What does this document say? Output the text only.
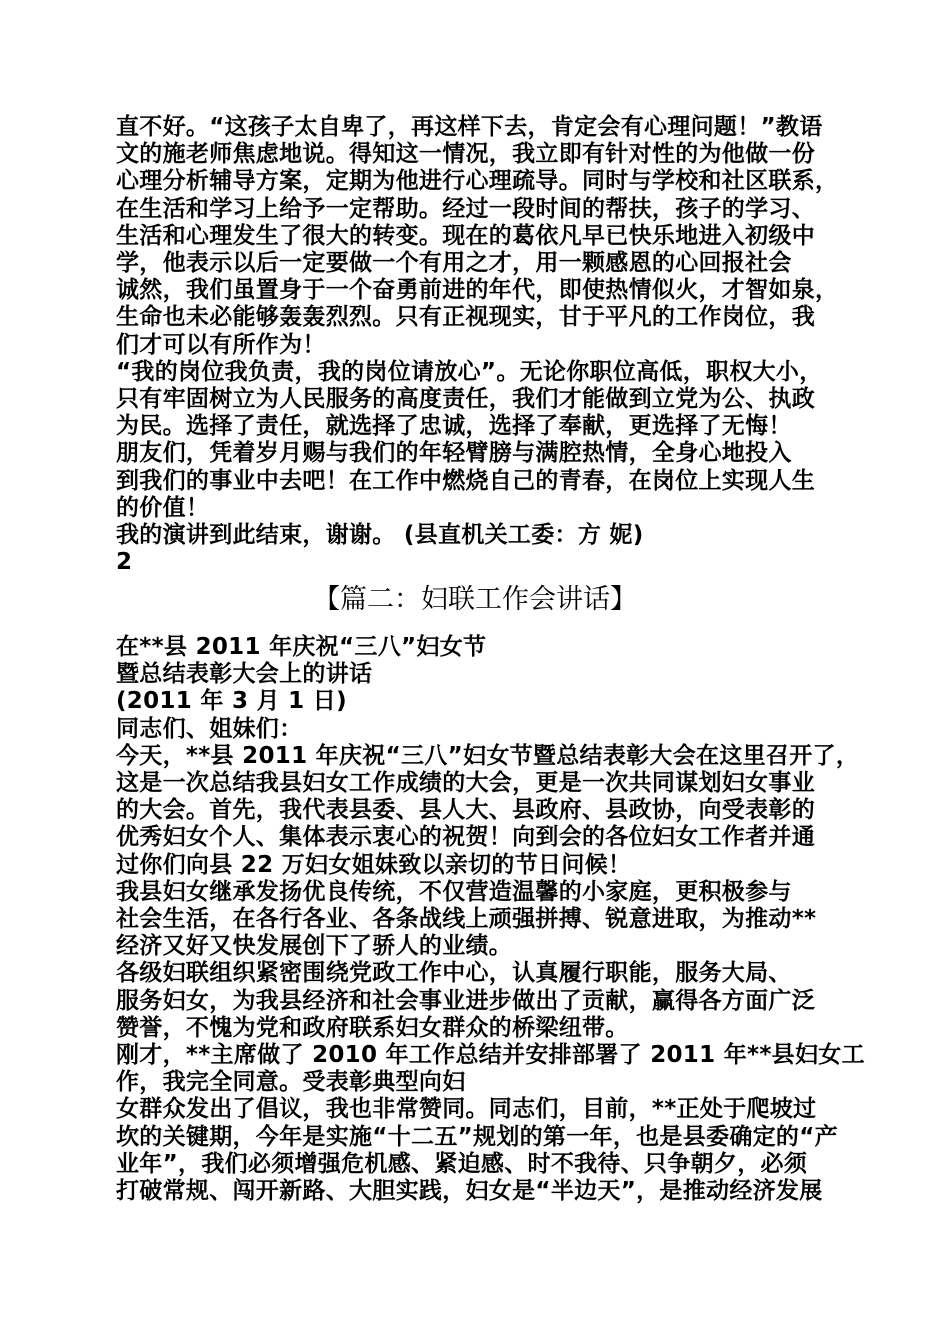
直不好。“这孩子太自卑了，再这样下去，肯定会有心理问题！”教语
文的施老师焦虑地说。得知这一情况，我立即有针对性的为他做一份
心理分析辅导方案，定期为他进行心理疏导。同时与学校和社区联系，
在生活和学习上给予一定帮助。经过一段时间的帮扶，孩子的学习、
生活和心理发生了很大的转变。现在的葛依凡早已快乐地进入初级中
学，他表示以后一定要做一个有用之才，用一颗感恩的心回报社会
诚然，我们虽置身于一个奋勇前进的年代，即使热情似火，才智如泉，
生命也未必能够轰轰烈烈。只有正视现实，甘于平凡的工作岗位，我
们才可以有所作为！
“我的岗位我负责，我的岗位请放心”。无论你职位高低，职权大小，
只有牢固树立为人民服务的高度责任，我们才能做到立党为公、执政
为民。选择了责任，就选择了忠诚，选择了奉献，更选择了无悔！
朋友们，凭着岁月赐与我们的年轻臂膀与满腔热情，全身心地投入
到我们的事业中去吧！在工作中燃烧自己的青春，在岗位上实现人生
的价值！
我的演讲到此结束，谢谢。 (县直机关工委：方 妮)
2
【篇二：妇联工作会讲话】
在**县 2011 年庆祝“三八”妇女节
暨总结表彰大会上的讲话
(2011 年 3 月 1 日)
同志们、姐妹们：
今天，**县 2011 年庆祝“三八”妇女节暨总结表彰大会在这里召开了，
这是一次总结我县妇女工作成绩的大会，更是一次共同谋划妇女事业
的大会。首先，我代表县委、县人大、县政府、县政协，向受表彰的
优秀妇女个人、集体表示衷心的祝贺！向到会的各位妇女工作者并通
过你们向县 22 万妇女姐妹致以亲切的节日问候！
我县妇女继承发扬优良传统，不仅营造温馨的小家庭，更积极参与
社会生活，在各行各业、各条战线上顽强拼搏、锐意进取，为推动**
经济又好又快发展创下了骄人的业绩。
各级妇联组织紧密围绕党政工作中心，认真履行职能，服务大局、
服务妇女，为我县经济和社会事业进步做出了贡献，赢得各方面广泛
赞誉，不愧为党和政府联系妇女群众的桥梁纽带。
刚才，**主席做了 2010 年工作总结并安排部署了 2011 年**县妇女工
作，我完全同意。受表彰典型向妇
女群众发出了倡议，我也非常赞同。同志们，目前，**正处于爬坡过
坎的关键期，今年是实施“十二五”规划的第一年，也是县委确定的“产
业年”，我们必须增强危机感、紧迫感、时不我待、只争朝夕，必须
打破常规、闯开新路、大胆实践，妇女是“半边天”，是推动经济发展
